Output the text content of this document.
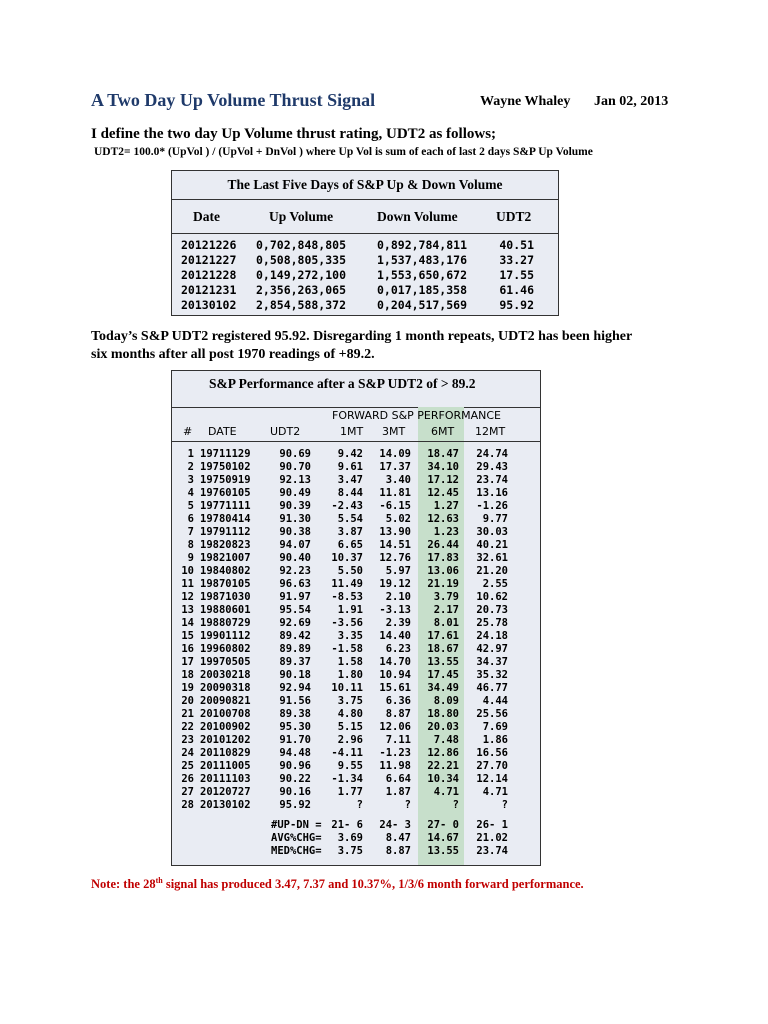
A Two Day Up Volume Thrust Signal	Wayne Whaley Jan 02, 2013
I define the two day Up Volume thrust rating, UDT2 as follows;
UDT2= 100.0* (UpVol ) / (UpVol + DnVol ) where Up Vol is sum of each of last 2 days S&P Up Volume
The Last Five Days of S&P Up & Down Volume
Date	Up Volume	Down Volume	UDT2
20121226	0,702,848,805	0,892,784,811	40.51
20121227	0,508,805,335	1,537,483,176	33.27
20121228	0,149,272,100	1,553,650,672	17.55
20121231	2,356,263,065	0,017,185,358	61.46
20130102	2,854,588,372	0,204,517,569	95.92
Today’s S&P UDT2 registered 95.92. Disregarding 1 month repeats, UDT2 has been higher
six months after all post 1970 readings of +89.2.
S&P Performance after a S&P UDT2 of > 89.2
FORWARD S&P PERFORMANCE
# DATE	UDT2	1MT 3MT 6MT 12MT
1 19711129	90.69	9.42 14.09 18.47 24.74
2 19750102	90.70	9.61 17.37 34.10 29.43
3 19750919	92.13	3.47 3.40 17.12 23.74
4 19760105	90.49	8.44 11.81 12.45 13.16
5 19771111	90.39 -2.43 -6.15 1.27 -1.26
6 19780414	91.30	5.54 5.02 12.63 9.77
7 19791112	90.38	3.87 13.90 1.23 30.03
8 19820823	94.07	6.65 14.51 26.44 40.21
9 19821007	90.40 10.37 12.76 17.83 32.61
10 19840802	92.23	5.50 5.97 13.06 21.20
11 19870105	96.63 11.49 19.12 21.19 2.55
12 19871030	91.97 -8.53 2.10 3.79 10.62
13 19880601	95.54	1.91 -3.13 2.17 20.73
14 19880729	92.69 -3.56 2.39 8.01 25.78
15 19901112	89.42	3.35 14.40 17.61 24.18
16 19960802	89.89 -1.58 6.23 18.67 42.97
17 19970505	89.37	1.58 14.70 13.55 34.37
18 20030218	90.18	1.80 10.94 17.45 35.32
19 20090318	92.94 10.11 15.61 34.49 46.77
20 20090821	91.56	3.75 6.36 8.09 4.44
21 20100708	89.38	4.80 8.87 18.80 25.56
22 20100902	95.30	5.15 12.06 20.03 7.69
23 20101202	91.70	2.96 7.11 7.48 1.86
24 20110829	94.48 -4.11 -1.23 12.86 16.56
25 20111005	90.96	9.55 11.98 22.21 27.70
26 20111103	90.22 -1.34 6.64 10.34 12.14
27 20120727	90.16	1.77 1.87 4.71 4.71
28 20130102	95.92	?	?	?	?
#UP-DN = 21- 6 24- 3 27- 0 26- 1
AVG%CHG= 3.69 8.47 14.67 21.02
MED%CHG= 3.75 8.87 13.55 23.74
Note: the 28th signal has produced 3.47, 7.37 and 10.37%, 1/3/6 month forward performance.
